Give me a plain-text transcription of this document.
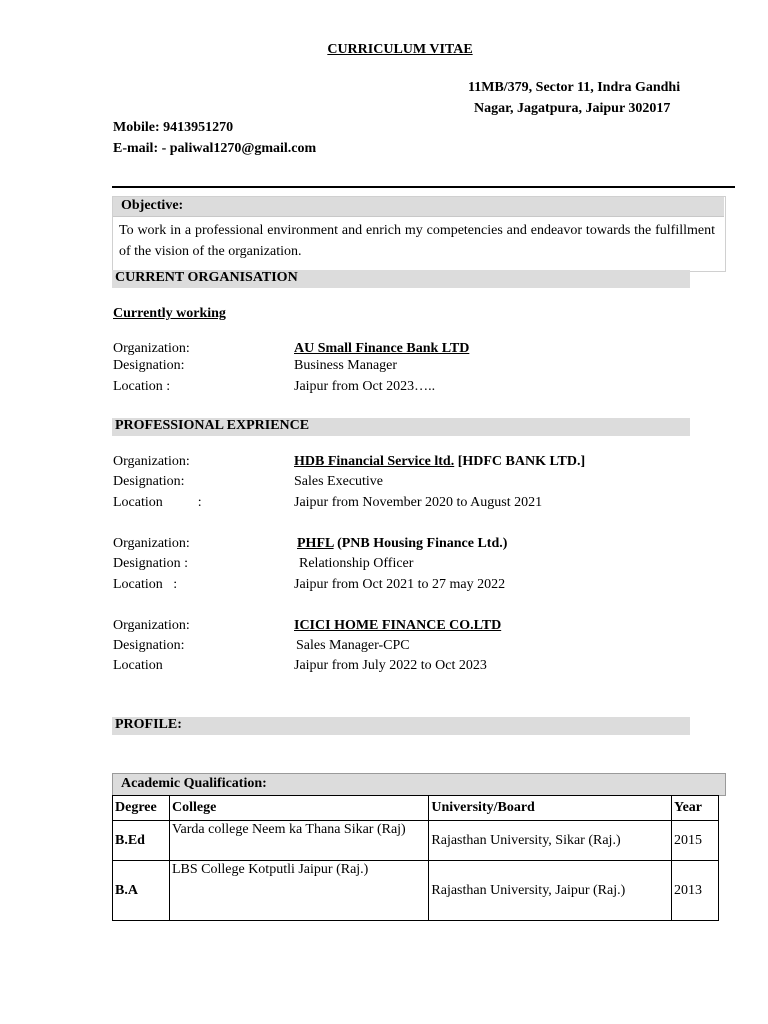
CURRICULUM VITAE
11MB/379, Sector 11, Indra Gandhi
Nagar, Jagatpura, Jaipur 302017
Mobile: 9413951270
E-mail: - paliwal1270@gmail.com
Objective:
To work in a professional environment and enrich my competencies and endeavor towards the fulfillment of the vision of the organization.
CURRENT ORGANISATION
Currently working
Organization:	AU Small Finance Bank LTD
Designation:	Business Manager
Location :	Jaipur from Oct 2023…..
PROFESSIONAL EXPRIENCE
Organization:	HDB Financial Service ltd. [HDFC BANK LTD.]
Designation:	Sales Executive
Location          :	Jaipur from November 2020 to August 2021
Organization:	PHFL (PNB Housing Finance Ltd.)
Designation :	Relationship Officer
Location   :	Jaipur from Oct 2021 to 27 may 2022
Organization:	ICICI HOME FINANCE CO.LTD
Designation:	Sales Manager-CPC
Location	Jaipur from July 2022 to Oct 2023
PROFILE:
Academic Qualification:
Degree	College	University/Board	Year
B.Ed	Varda college Neem ka Thana Sikar (Raj)	Rajasthan University, Sikar (Raj.)	2015
B.A	LBS College Kotputli Jaipur (Raj.)	Rajasthan University, Jaipur (Raj.)	2013
